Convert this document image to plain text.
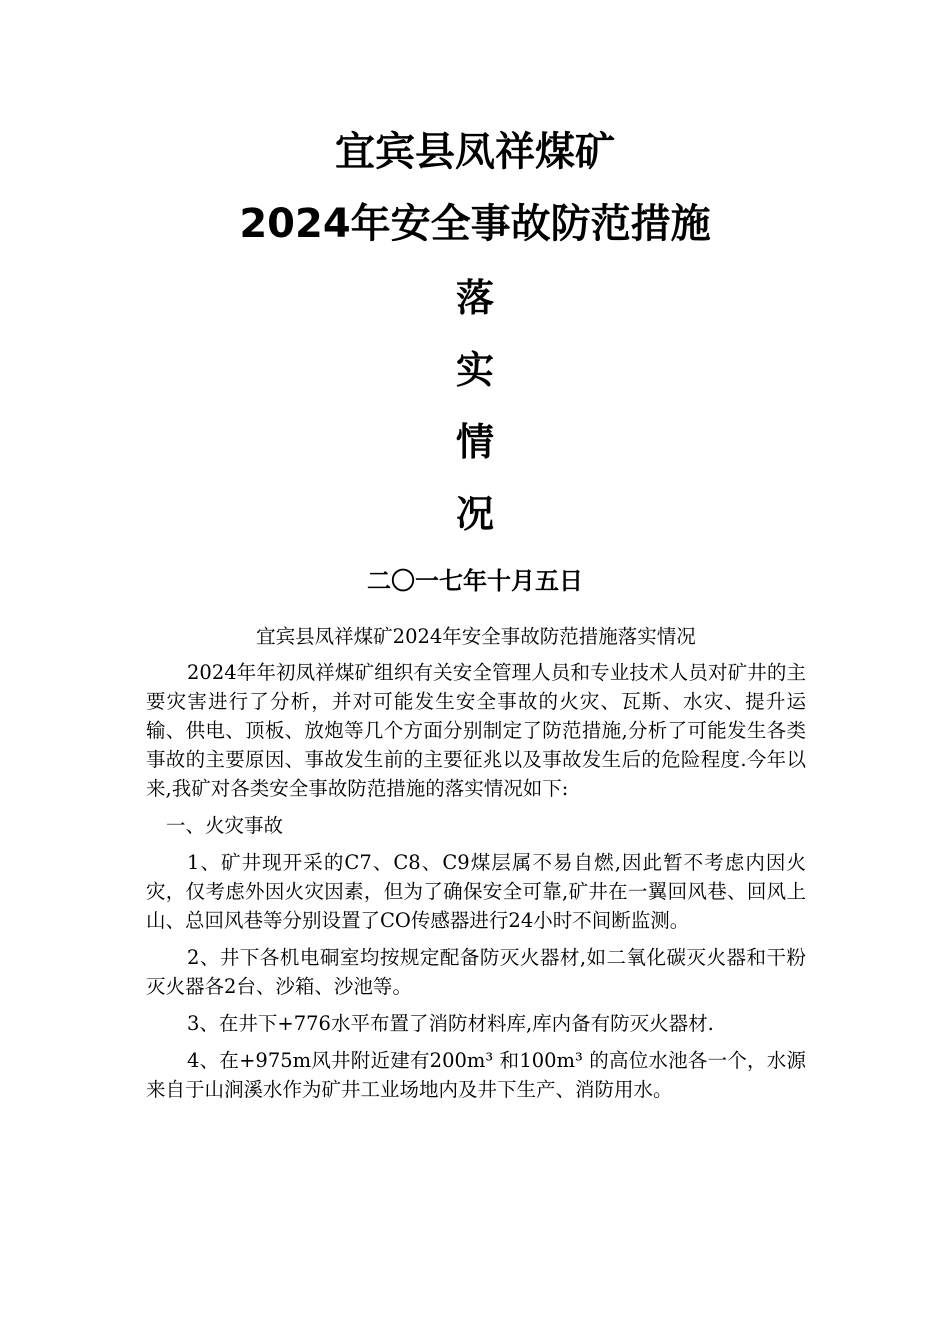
宜宾县凤祥煤矿
2024年安全事故防范措施
落
实
情
况
二〇一七年十月五日

宜宾县凤祥煤矿2024年安全事故防范措施落实情况

2024年年初凤祥煤矿组织有关安全管理人员和专业技术人员对矿井的主要灾害进行了分析，并对可能发生安全事故的火灾、瓦斯、水灾、提升运输、供电、顶板、放炮等几个方面分别制定了防范措施,分析了可能发生各类事故的主要原因、事故发生前的主要征兆以及事故发生后的危险程度.今年以来,我矿对各类安全事故防范措施的落实情况如下:

一、火灾事故

1、矿井现开采的C7、C8、C9煤层属不易自燃,因此暂不考虑内因火灾，仅考虑外因火灾因素，但为了确保安全可靠,矿井在一翼回风巷、回风上山、总回风巷等分别设置了CO传感器进行24小时不间断监测。

2、井下各机电硐室均按规定配备防灭火器材,如二氧化碳灭火器和干粉灭火器各2台、沙箱、沙池等。

3、在井下+776水平布置了消防材料库,库内备有防灭火器材.

4、在+975m风井附近建有200m³ 和100m³ 的高位水池各一个，水源来自于山涧溪水作为矿井工业场地内及井下生产、消防用水。
